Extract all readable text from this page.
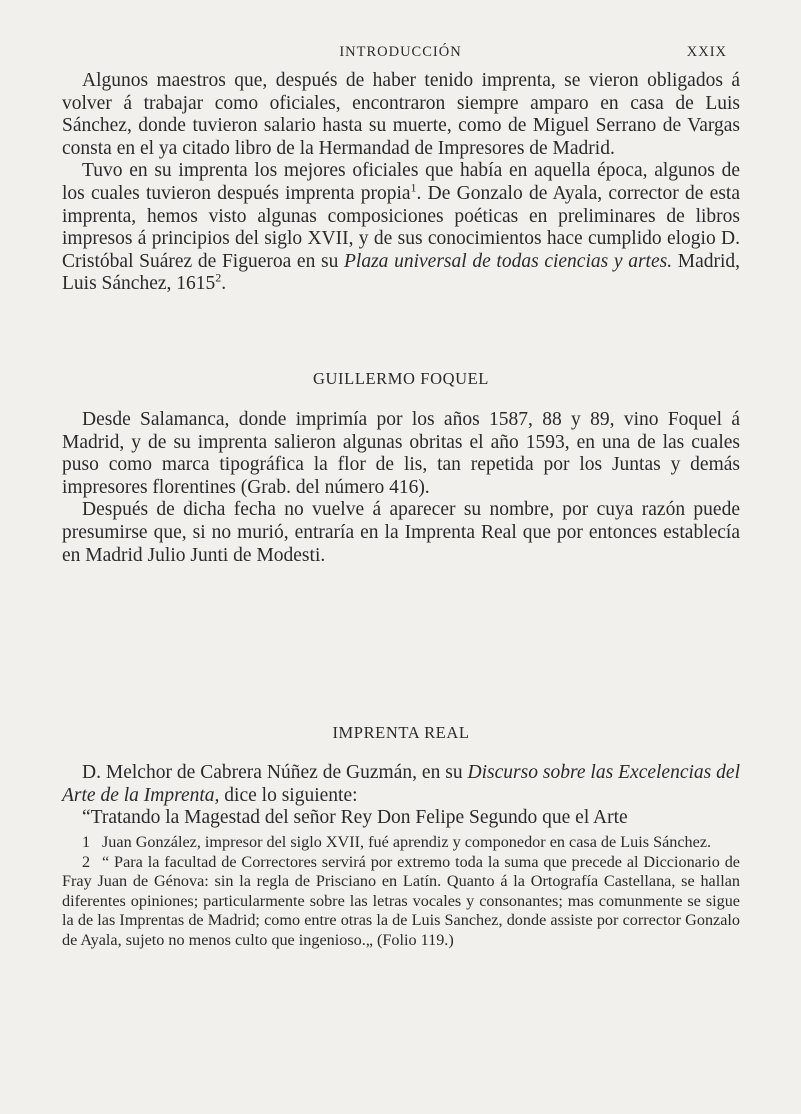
INTRODUCCIÓN	XXIX

Algunos maestros que, después de haber tenido imprenta, se vieron obligados á volver á trabajar como oficiales, encontraron siempre amparo en casa de Luis Sánchez, donde tuvieron salario hasta su muerte, como de Miguel Serrano de Vargas consta en el ya citado libro de la Hermandad de Impresores de Madrid.

Tuvo en su imprenta los mejores oficiales que había en aquella época, algunos de los cuales tuvieron después imprenta propia$^1$. De Gonzalo de Ayala, corrector de esta imprenta, hemos visto algunas composiciones poéticas en preliminares de libros impresos á principios del siglo XVII, y de sus conocimientos hace cumplido elogio D. Cristóbal Suárez de Figueroa en su Plaza universal de todas ciencias y artes. Madrid, Luis Sánchez, 1615$^2$.

GUILLERMO FOQUEL

Desde Salamanca, donde imprimía por los años 1587, 88 y 89, vino Foquel á Madrid, y de su imprenta salieron algunas obritas el año 1593, en una de las cuales puso como marca tipográfica la flor de lis, tan repetida por los Juntas y demás impresores florentines (Grab. del número 416).

Después de dicha fecha no vuelve á aparecer su nombre, por cuya razón puede presumirse que, si no murió, entraría en la Imprenta Real que por entonces establecía en Madrid Julio Junti de Modesti.

IMPRENTA REAL

D. Melchor de Cabrera Núñez de Guzmán, en su Discurso sobre las Excelencias del Arte de la Imprenta, dice lo siguiente:

“Tratando la Magestad del señor Rey Don Felipe Segundo que el Arte

1 Juan González, impresor del siglo XVII, fué aprendiz y componedor en casa de Luis Sánchez.

2 “ Para la facultad de Correctores servirá por extremo toda la suma que precede al Diccionario de Fray Juan de Génova: sin la regla de Prisciano en Latín. Quanto á la Ortografía Castellana, se hallan diferentes opiniones; particularmente sobre las letras vocales y consonantes; mas comunmente se sigue la de las Imprentas de Madrid; como entre otras la de Luis Sanchez, donde assiste por corrector Gonzalo de Ayala, sujeto no menos culto que ingenioso.„ (Folio 119.)
